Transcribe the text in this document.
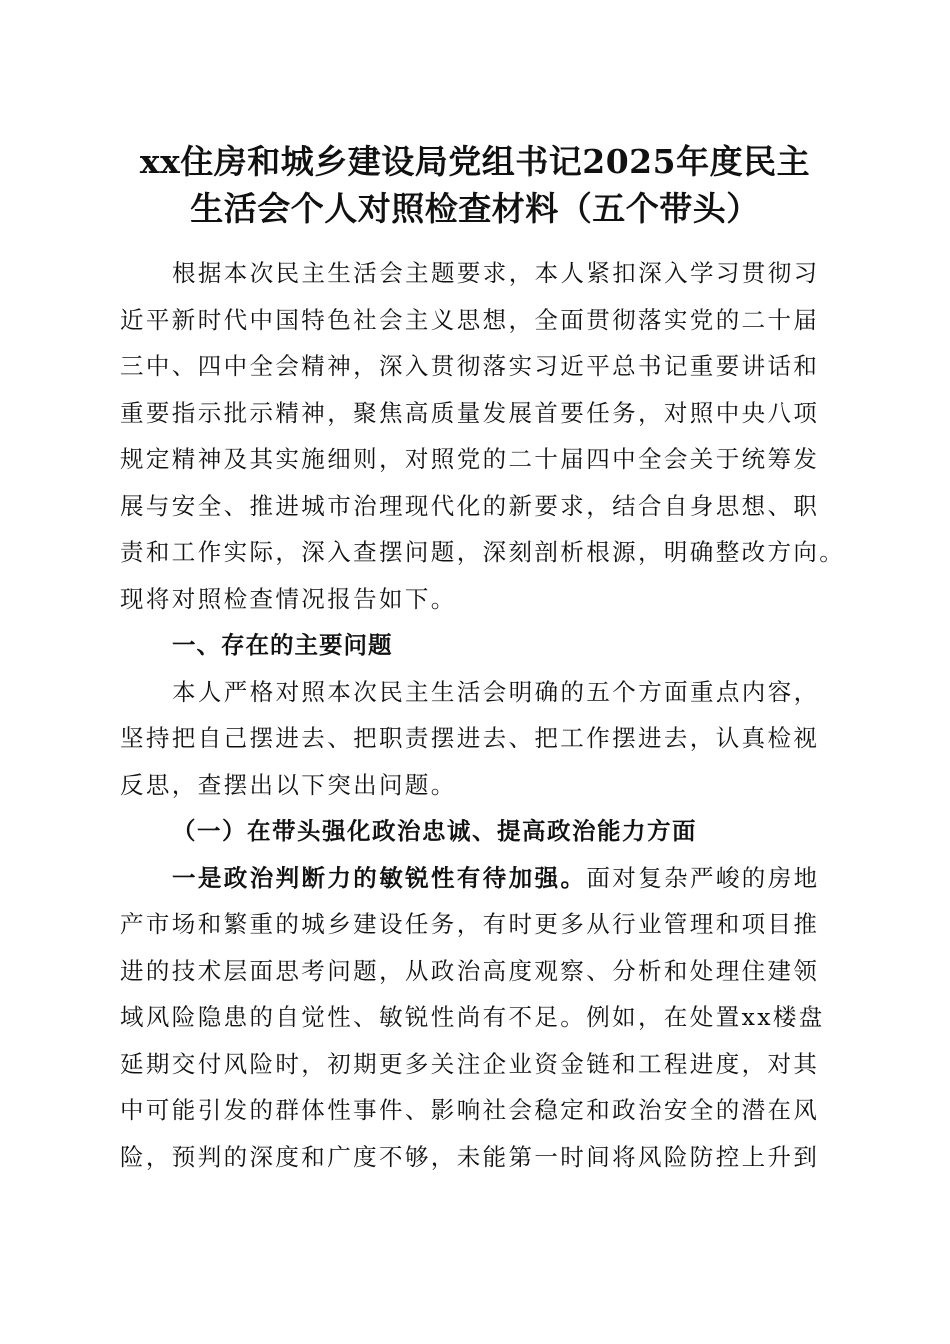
xx住房和城乡建设局党组书记2025年度民主
生活会个人对照检查材料（五个带头）
根据本次民主生活会主题要求，本人紧扣深入学习贯彻习
近平新时代中国特色社会主义思想，全面贯彻落实党的二十届
三中、四中全会精神，深入贯彻落实习近平总书记重要讲话和
重要指示批示精神，聚焦高质量发展首要任务，对照中央八项
规定精神及其实施细则，对照党的二十届四中全会关于统筹发
展与安全、推进城市治理现代化的新要求，结合自身思想、职
责和工作实际，深入查摆问题，深刻剖析根源，明确整改方向。
现将对照检查情况报告如下。
一、存在的主要问题
本人严格对照本次民主生活会明确的五个方面重点内容，
坚持把自己摆进去、把职责摆进去、把工作摆进去，认真检视
反思，查摆出以下突出问题。
（一）在带头强化政治忠诚、提高政治能力方面
一是政治判断力的敏锐性有待加强。面对复杂严峻的房地
产市场和繁重的城乡建设任务，有时更多从行业管理和项目推
进的技术层面思考问题，从政治高度观察、分析和处理住建领
域风险隐患的自觉性、敏锐性尚有不足。例如，在处置xx楼盘
延期交付风险时，初期更多关注企业资金链和工程进度，对其
中可能引发的群体性事件、影响社会稳定和政治安全的潜在风
险，预判的深度和广度不够，未能第一时间将风险防控上升到
